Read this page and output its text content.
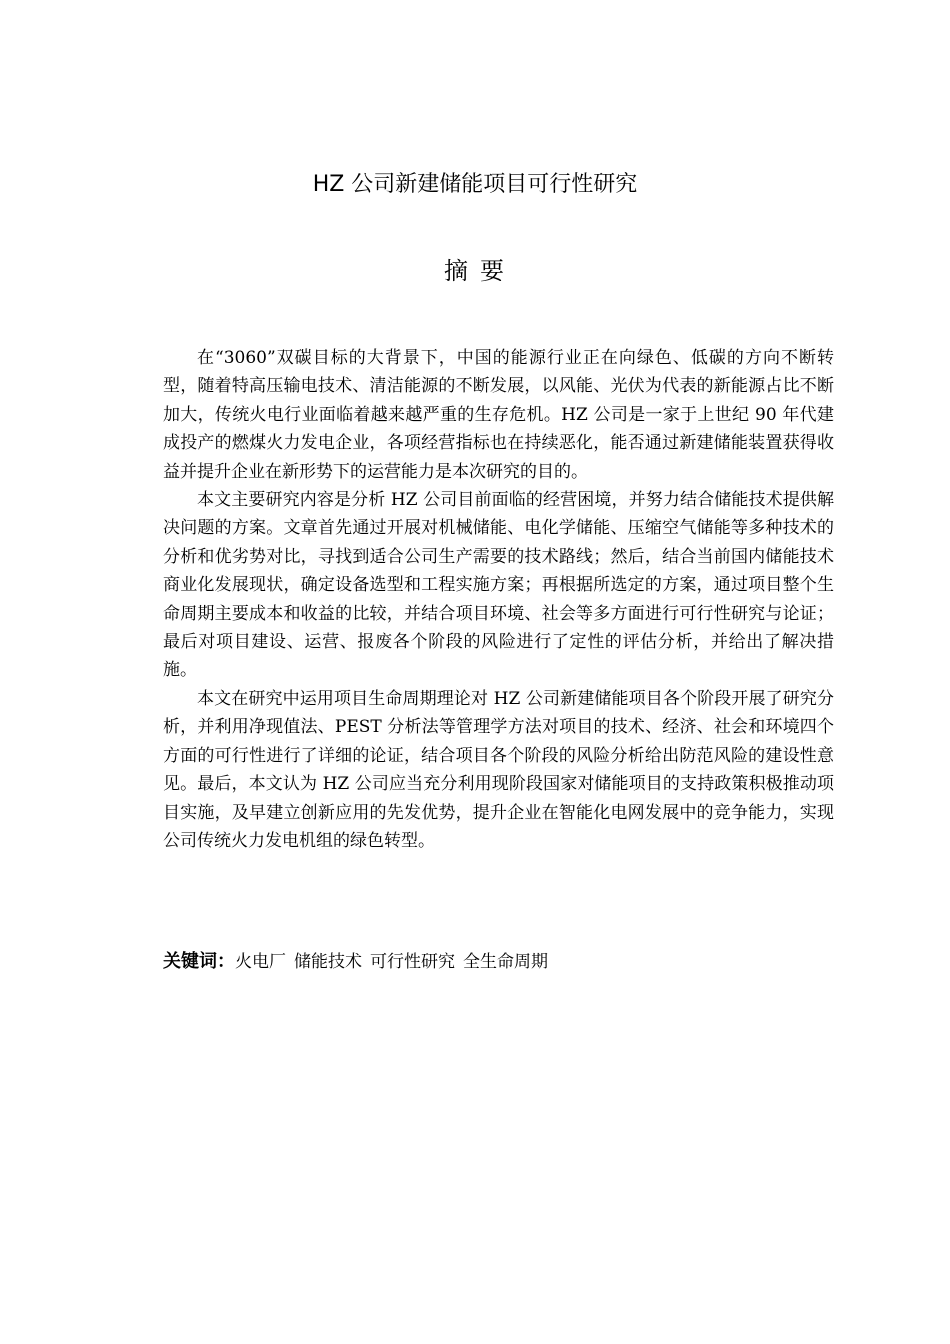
HZ 公司新建储能项目可行性研究
摘要

在“3060”双碳目标的大背景下，中国的能源行业正在向绿色、低碳的方向不断转型，随着特高压输电技术、清洁能源的不断发展，以风能、光伏为代表的新能源占比不断加大，传统火电行业面临着越来越严重的生存危机。HZ 公司是一家于上世纪 90 年代建成投产的燃煤火力发电企业，各项经营指标也在持续恶化，能否通过新建储能装置获得收益并提升企业在新形势下的运营能力是本次研究的目的。

本文主要研究内容是分析 HZ 公司目前面临的经营困境，并努力结合储能技术提供解决问题的方案。文章首先通过开展对机械储能、电化学储能、压缩空气储能等多种技术的分析和优劣势对比，寻找到适合公司生产需要的技术路线；然后，结合当前国内储能技术商业化发展现状，确定设备选型和工程实施方案；再根据所选定的方案，通过项目整个生命周期主要成本和收益的比较，并结合项目环境、社会等多方面进行可行性研究与论证；最后对项目建设、运营、报废各个阶段的风险进行了定性的评估分析，并给出了解决措施。

本文在研究中运用项目生命周期理论对 HZ 公司新建储能项目各个阶段开展了研究分析，并利用净现值法、PEST 分析法等管理学方法对项目的技术、经济、社会和环境四个方面的可行性进行了详细的论证，结合项目各个阶段的风险分析给出防范风险的建设性意见。最后，本文认为 HZ 公司应当充分利用现阶段国家对储能项目的支持政策积极推动项目实施，及早建立创新应用的先发优势，提升企业在智能化电网发展中的竞争能力，实现公司传统火力发电机组的绿色转型。

关键词：火电厂 储能技术 可行性研究 全生命周期
